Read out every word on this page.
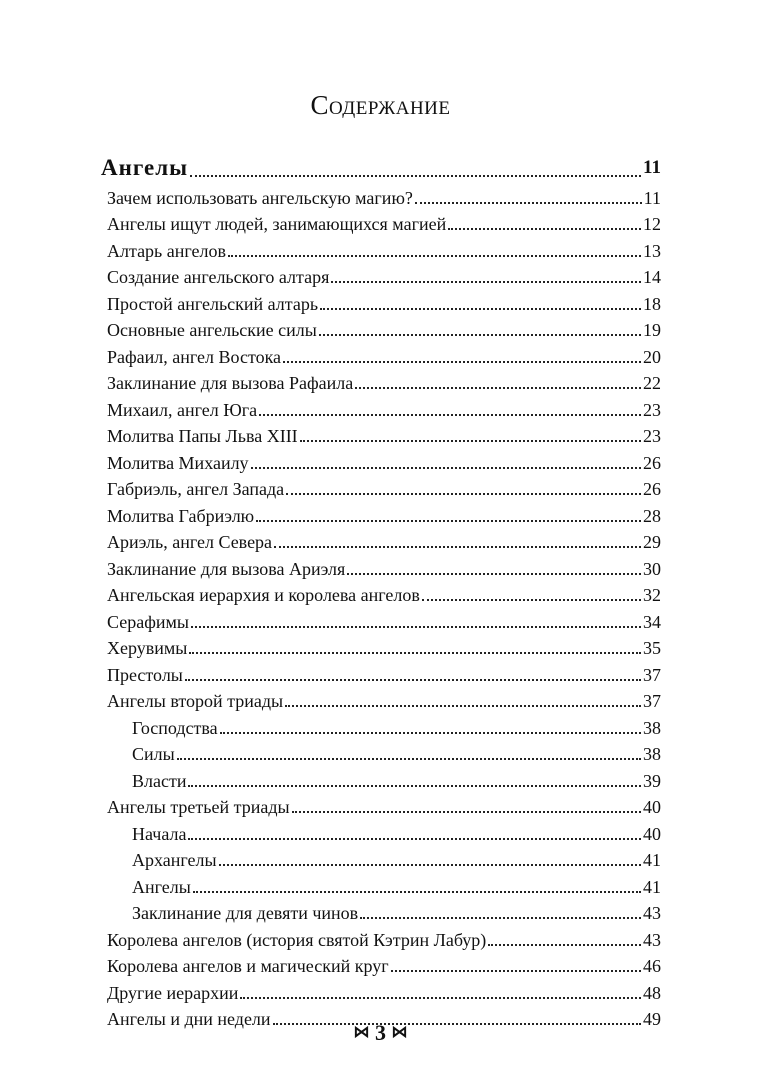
Содержание
Ангелы	11
Зачем использовать ангельскую магию?	11
Ангелы ищут людей, занимающихся магией	12
Алтарь ангелов	13
Создание ангельского алтаря	14
Простой ангельский алтарь	18
Основные ангельские силы	19
Рафаил, ангел Востока	20
Заклинание для вызова Рафаила	22
Михаил, ангел Юга	23
Молитва Папы Льва XIII	23
Молитва Михаилу	26
Габриэль, ангел Запада	26
Молитва Габриэлю	28
Ариэль, ангел Севера	29
Заклинание для вызова Ариэля	30
Ангельская иерархия и королева ангелов	32
Серафимы	34
Херувимы	35
Престолы	37
Ангелы второй триады	37
Господства	38
Силы	38
Власти	39
Ангелы третьей триады	40
Начала	40
Архангелы	41
Ангелы	41
Заклинание для девяти чинов	43
Королева ангелов (история святой Кэтрин Лабур)	43
Королева ангелов и магический круг	46
Другие иерархии	48
Ангелы и дни недели	49
⋈ 3 ⋈
